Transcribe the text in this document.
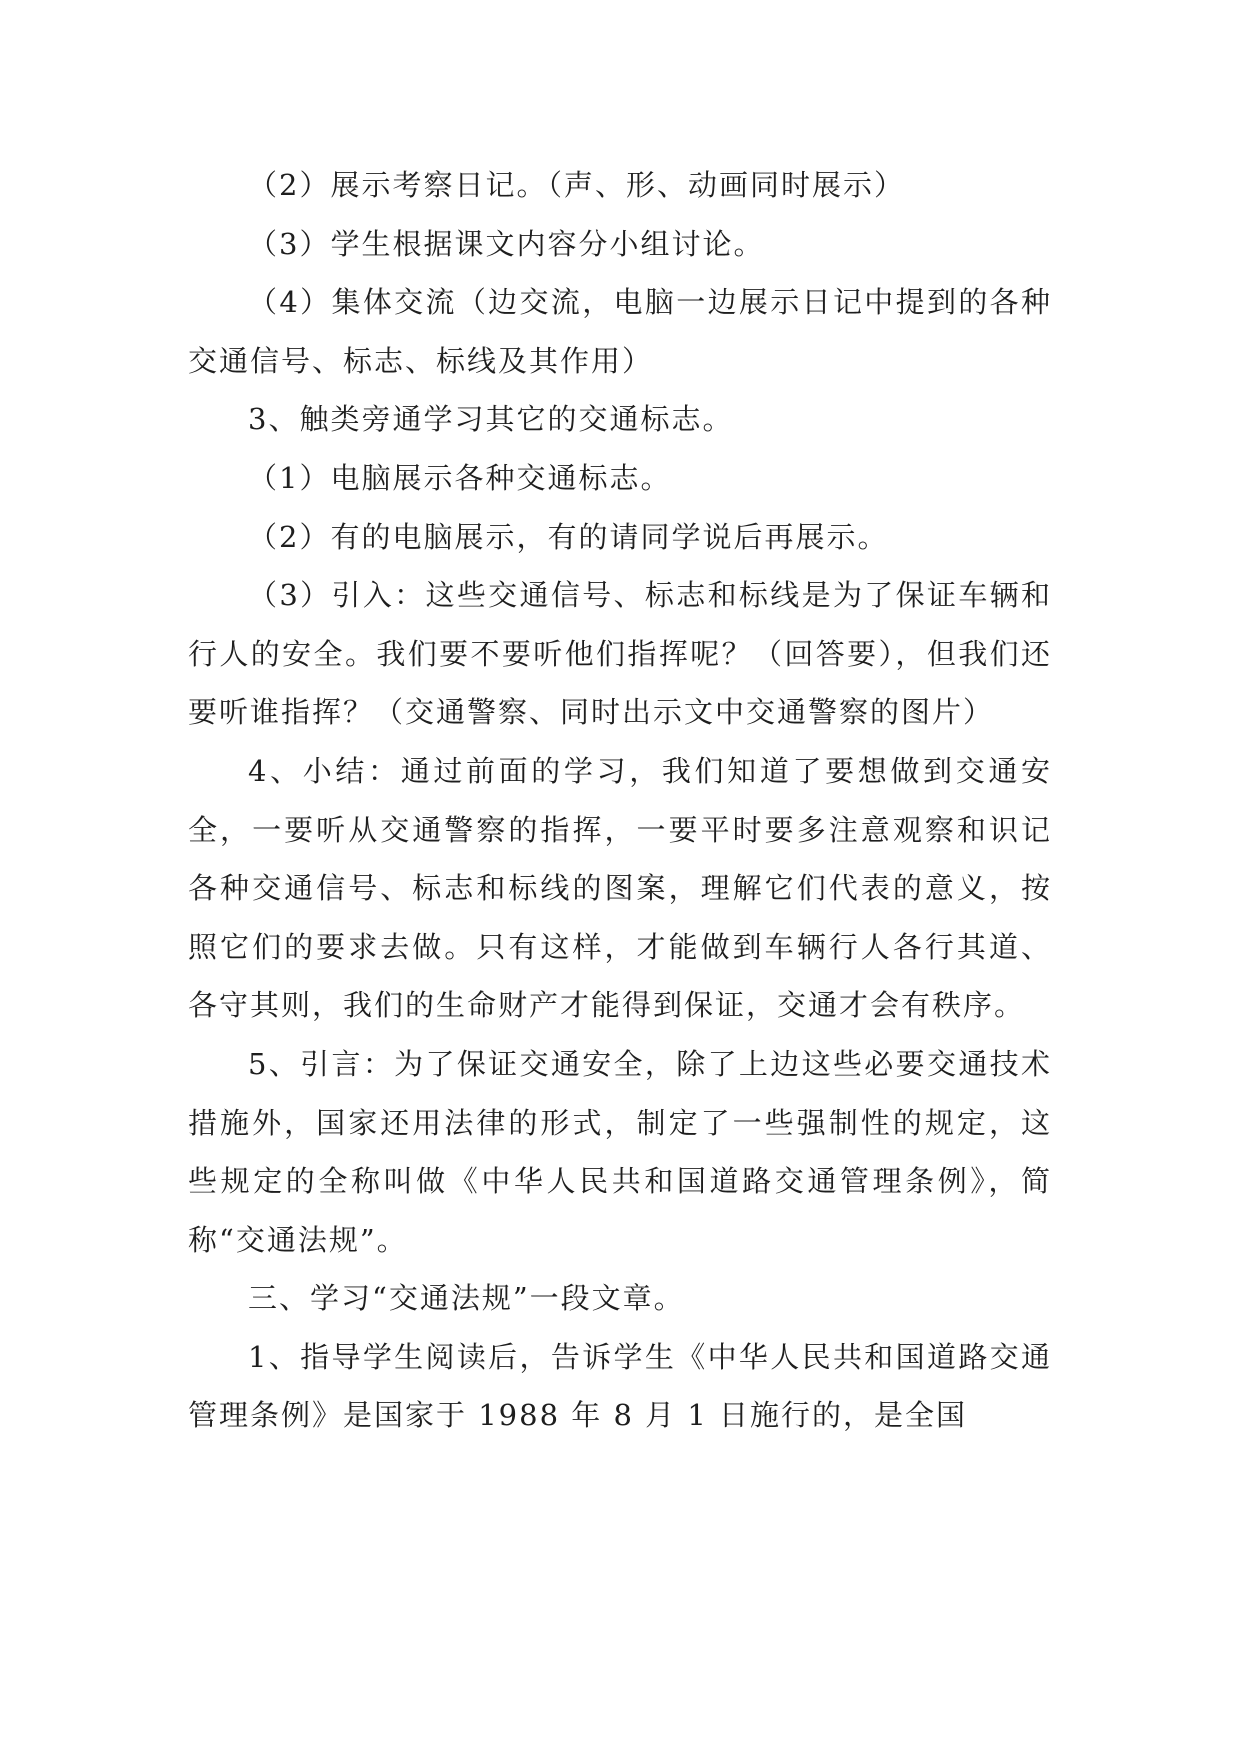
（2）展示考察日记。（声、形、动画同时展示）

（3）学生根据课文内容分小组讨论。

（4）集体交流（边交流，电脑一边展示日记中提到的各种交通信号、标志、标线及其作用）

3、触类旁通学习其它的交通标志。

（1）电脑展示各种交通标志。

（2）有的电脑展示，有的请同学说后再展示。

（3）引入：这些交通信号、标志和标线是为了保证车辆和行人的安全。我们要不要听他们指挥呢？（回答要），但我们还要听谁指挥？（交通警察、同时出示文中交通警察的图片）

4、小结：通过前面的学习，我们知道了要想做到交通安全，一要听从交通警察的指挥，一要平时要多注意观察和识记各种交通信号、标志和标线的图案，理解它们代表的意义，按照它们的要求去做。只有这样，才能做到车辆行人各行其道、各守其则，我们的生命财产才能得到保证，交通才会有秩序。

5、引言：为了保证交通安全，除了上边这些必要交通技术措施外，国家还用法律的形式，制定了一些强制性的规定，这些规定的全称叫做《中华人民共和国道路交通管理条例》，简称“交通法规”。

三、学习“交通法规”一段文章。

1、指导学生阅读后，告诉学生《中华人民共和国道路交通管理条例》是国家于 1988 年 8 月 1 日施行的，是全国
